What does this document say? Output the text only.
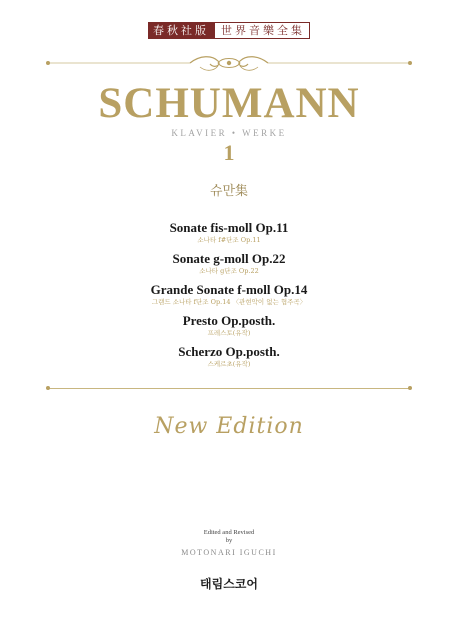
春秋社版	世界音樂全集
SCHUMANN
KLAVIER • WERKE
1
슈만集
Sonate fis-moll Op.11
소나타 f#단조 Op.11
Sonate g-moll Op.22
소나타 g단조 Op.22
Grande Sonate f-moll Op.14
그랜드 소나타 f단조 Op.14 〈관현악이 없는 협주곡〉
Presto Op.posth.
프레스토(유작)
Scherzo Op.posth.
스케르초(유작)
New Edition
Edited and Revised
by
MOTONARI IGUCHI
태림스코어
